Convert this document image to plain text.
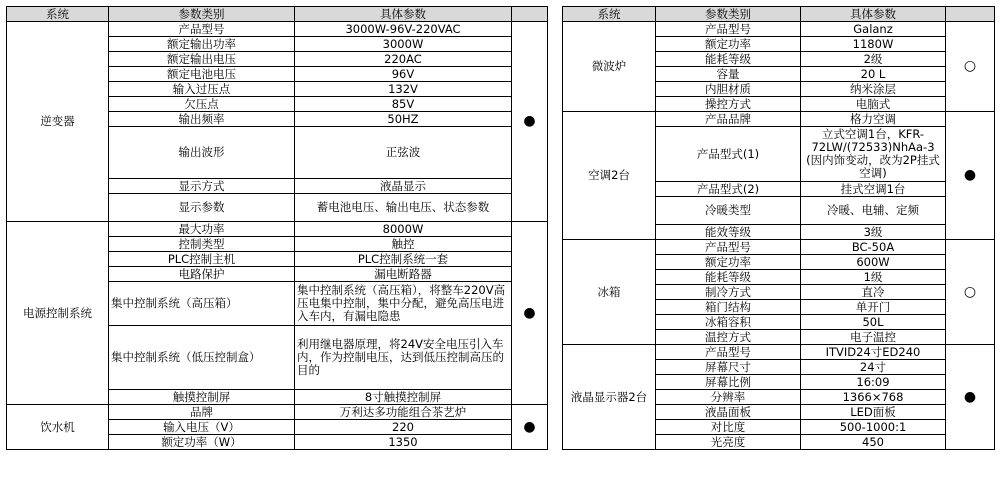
系统	参数类别	具体参数	
逆变器	产品型号	3000W-96V-220VAC	●
	额定输出功率	3000W	
	额定输出电压	220AC	
	额定电池电压	96V	
	输入过压点	132V	
	欠压点	85V	
	输出频率	50HZ	
	输出波形	正弦波	
	显示方式	液晶显示	
	显示参数	蓄电池电压、输出电压、状态参数	
电源控制系统	最大功率	8000W	●
	控制类型	触控	
	PLC控制主机	PLC控制系统一套	
	电路保护	漏电断路器	
	集中控制系统（高压箱）	集中控制系统（高压箱），将整车220V高压电集中控制，集中分配，避免高压电进入车内，有漏电隐患	
	集中控制系统（低压控制盒）	利用继电器原理，将24V安全电压引入车内，作为控制电压，达到低压控制高压的目的	
	触摸控制屏	8寸触摸控制屏	
饮水机	品牌	万利达多功能组合茶艺炉	●
	输入电压（V）	220	
	额定功率（W）	1350	
系统	参数类别	具体参数	
微波炉	产品型号	Galanz	○
	额定功率	1180W	
	能耗等级	2级	
	容量	20 L	
	内胆材质	纳米涂层	
	操控方式	电脑式	
空调2台	产品品牌	格力空调	●
	产品型式(1)	立式空调1台，KFR-72LW/(72533)NhAa-3 (因内饰变动，改为2P挂式空调)	
	产品型式(2)	挂式空调1台	
	冷暖类型	冷暖、电辅、定频	
	能效等级	3级	
冰箱	产品型号	BC-50A	○
	额定功率	600W	
	能耗等级	1级	
	制冷方式	直冷	
	箱门结构	单开门	
	冰箱容积	50L	
	温控方式	电子温控	
液晶显示器2台	产品型号	ITVID24寸ED240	●
	屏幕尺寸	24寸	
	屏幕比例	16:09	
	分辨率	1366×768	
	液晶面板	LED面板	
	对比度	500-1000:1	
	光亮度	450	
